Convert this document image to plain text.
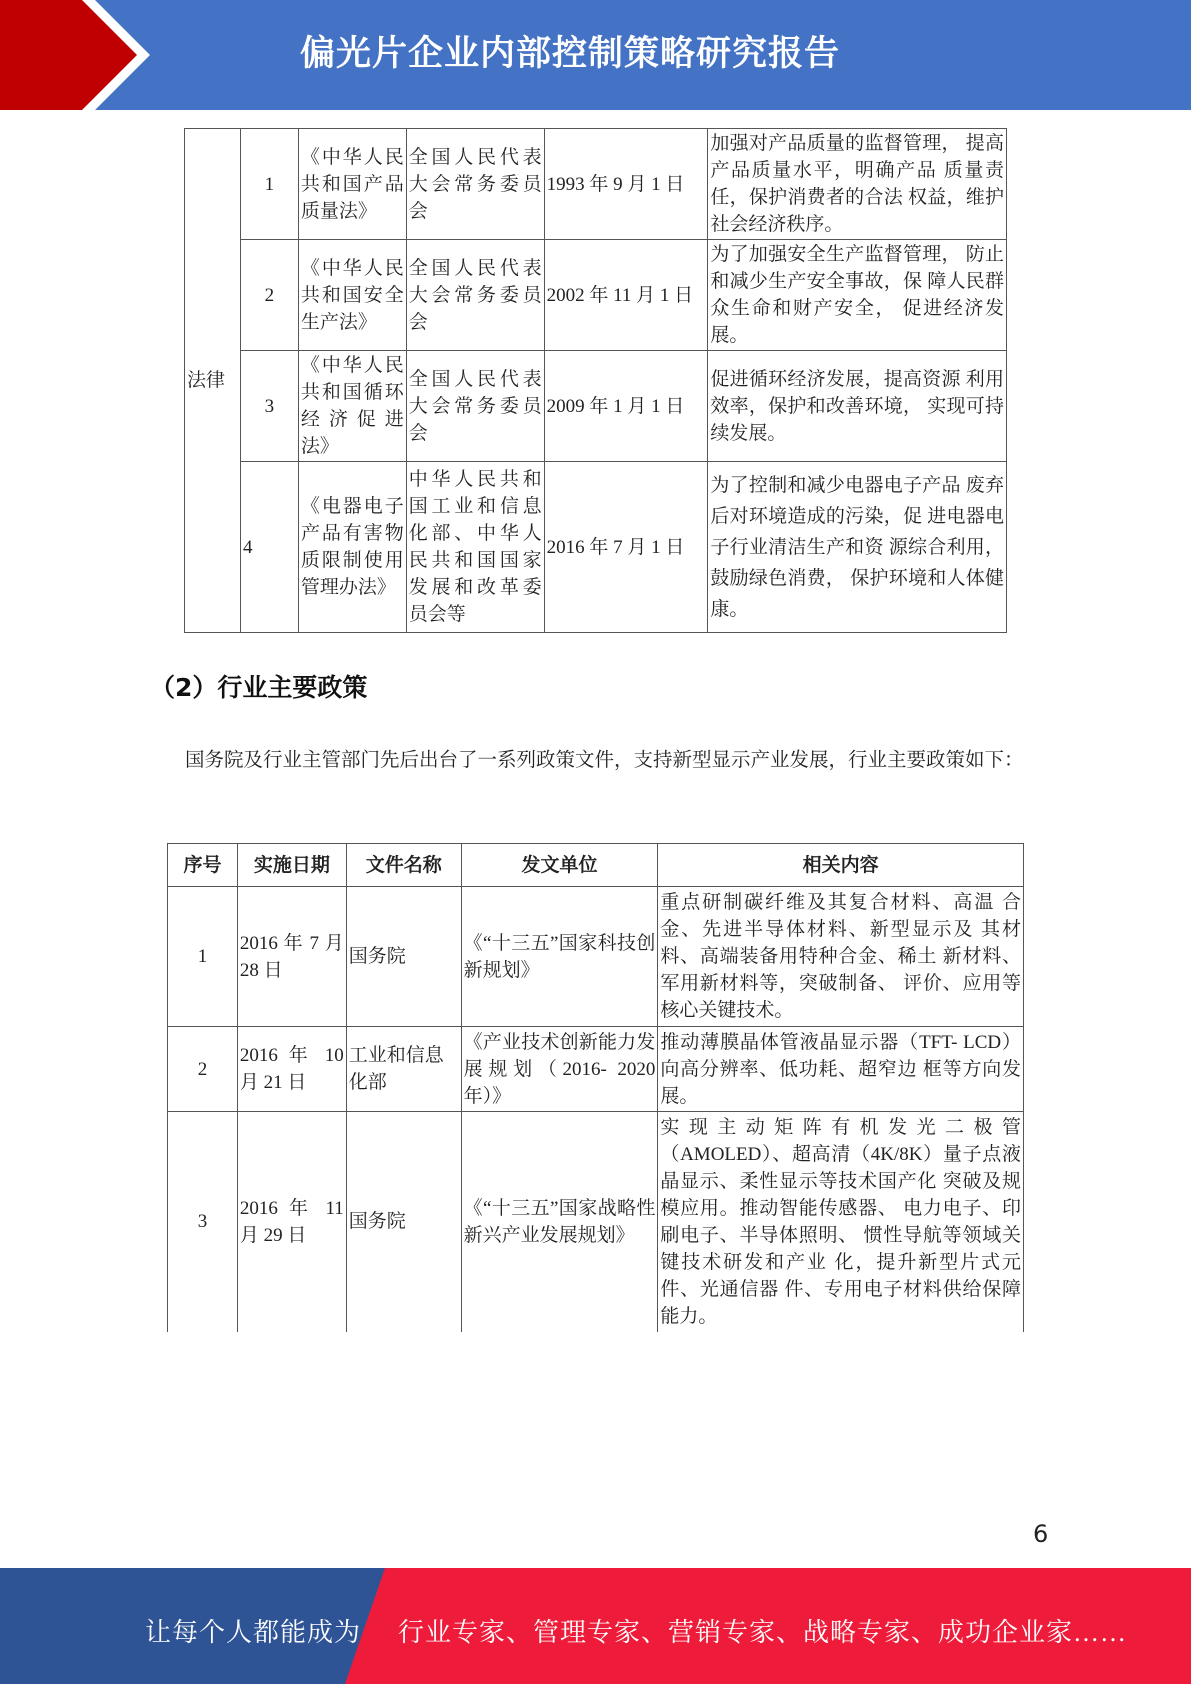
偏光片企业内部控制策略研究报告
法律	1	《中华人民共和国产品质量法》	全国人民代表大会常务委员会	1993 年 9 月 1 日	加强对产品质量的监督管理， 提高产品质量水平，明确产品 质量责任，保护消费者的合法 权益，维护社会经济秩序。
	2	《中华人民共和国安全生产法》	全国人民代表大会常务委员会	2002 年 11 月 1 日	为了加强安全生产监督管理， 防止和减少生产安全事故，保 障人民群众生命和财产安全， 促进经济发展。
	3	《中华人民共和国循环经济促进法》	全国人民代表大会常务委员会	2009 年 1 月 1 日	促进循环经济发展，提高资源 利用效率，保护和改善环境， 实现可持续发展。
	4	《电器电子产品有害物质限制使用管理办法》	中华人民共和国工业和信息化部、中华人民共和国国家发展和改革委员会等	2016 年 7 月 1 日	为了控制和减少电器电子产品 废弃后对环境造成的污染，促 进电器电子行业清洁生产和资 源综合利用，鼓励绿色消费， 保护环境和人体健康。
（2）行业主要政策
国务院及行业主管部门先后出台了一系列政策文件，支持新型显示产业发展，行业主要政策如下：
序号	实施日期	文件名称	发文单位	相关内容
1	2016 年 7 月 28 日	国务院	《“十三五”国家科技创新规划》	重点研制碳纤维及其复合材料、高温 合金、先进半导体材料、新型显示及 其材料、高端装备用特种合金、稀土 新材料、军用新材料等，突破制备、 评价、应用等核心关键技术。
2	2016 年 10 月 21 日	工业和信息化部	《产业技术创新能力发展规划（2016- 2020 年）》	推动薄膜晶体管液晶显示器（TFT- LCD）向高分辨率、低功耗、超窄边 框等方向发展。
3	2016 年 11 月 29 日	国务院	《“十三五”国家战略性新兴产业发展规划》	实现主动矩阵有机发光二极管（AMOLED）、超高清（4K/8K）量子点液晶显示、柔性显示等技术国产化 突破及规模应用。推动智能传感器、 电力电子、印刷电子、半导体照明、 惯性导航等领域关键技术研发和产业 化，提升新型片式元件、光通信器 件、专用电子材料供给保障能力。
6
让每个人都能成为 行业专家、管理专家、营销专家、战略专家、成功企业家……
